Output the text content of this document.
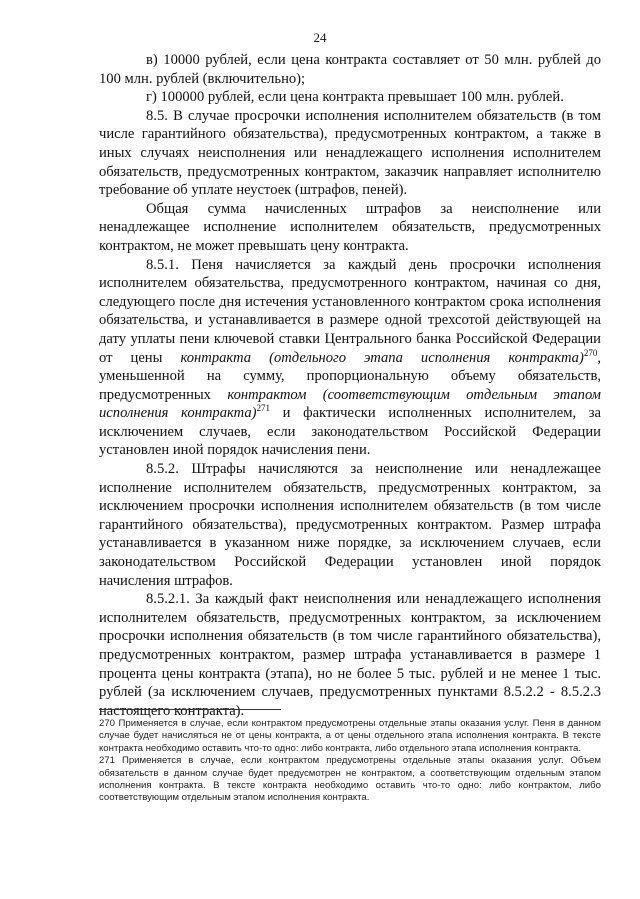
24

в) 10000 рублей, если цена контракта составляет от 50 млн. рублей до 100 млн. рублей (включительно);

г) 100000 рублей, если цена контракта превышает 100 млн. рублей.

8.5. В случае просрочки исполнения исполнителем обязательств (в том числе гарантийного обязательства), предусмотренных контрактом, а также в иных случаях неисполнения или ненадлежащего исполнения исполнителем обязательств, предусмотренных контрактом, заказчик направляет исполнителю требование об уплате неустоек (штрафов, пеней).

Общая сумма начисленных штрафов за неисполнение или ненадлежащее исполнение исполнителем обязательств, предусмотренных контрактом, не может превышать цену контракта.

8.5.1. Пеня начисляется за каждый день просрочки исполнения исполнителем обязательства, предусмотренного контрактом, начиная со дня, следующего после дня истечения установленного контрактом срока исполнения обязательства, и устанавливается в размере одной трехсотой действующей на дату уплаты пени ключевой ставки Центрального банка Российской Федерации от цены контракта (отдельного этапа исполнения контракта)$^{270}$, уменьшенной на сумму, пропорциональную объему обязательств, предусмотренных контрактом (соответствующим отдельным этапом исполнения контракта)$^{271}$ и фактически исполненных исполнителем, за исключением случаев, если законодательством Российской Федерации установлен иной порядок начисления пени.

8.5.2. Штрафы начисляются за неисполнение или ненадлежащее исполнение исполнителем обязательств, предусмотренных контрактом, за исключением просрочки исполнения исполнителем обязательств (в том числе гарантийного обязательства), предусмотренных контрактом. Размер штрафа устанавливается в указанном ниже порядке, за исключением случаев, если законодательством Российской Федерации установлен иной порядок начисления штрафов.

8.5.2.1. За каждый факт неисполнения или ненадлежащего исполнения исполнителем обязательств, предусмотренных контрактом, за исключением просрочки исполнения обязательств (в том числе гарантийного обязательства), предусмотренных контрактом, размер штрафа устанавливается в размере 1 процента цены контракта (этапа), но не более 5 тыс. рублей и не менее 1 тыс. рублей (за исключением случаев, предусмотренных пунктами 8.5.2.2 - 8.5.2.3 настоящего контракта).

270 Применяется в случае, если контрактом предусмотрены отдельные этапы оказания услуг. Пеня в данном случае будет начисляться не от цены контракта, а от цены отдельного этапа исполнения контракта. В тексте контракта необходимо оставить что-то одно: либо контракта, либо отдельного этапа исполнения контракта.

271 Применяется в случае, если контрактом предусмотрены отдельные этапы оказания услуг. Объем обязательств в данном случае будет предусмотрен не контрактом, а соответствующим отдельным этапом исполнения контракта. В тексте контракта необходимо оставить что-то одно: либо контрактом, либо соответствующим отдельным этапом исполнения контракта.
